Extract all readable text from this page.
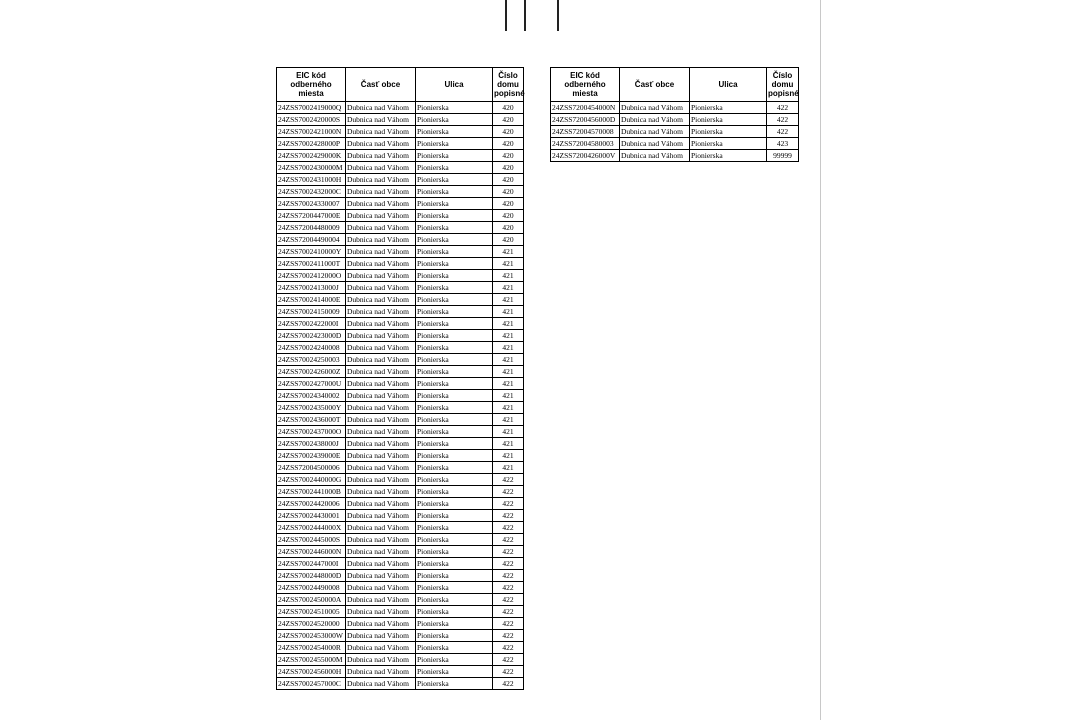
EIC kód odberného miesta	Časť obce	Ulica	Číslo domu popisné
24ZSS7002419000Q	Dubnica nad Váhom	Pionierska	420
24ZSS7002420000S	Dubnica nad Váhom	Pionierska	420
24ZSS7002421000N	Dubnica nad Váhom	Pionierska	420
24ZSS7002428000P	Dubnica nad Váhom	Pionierska	420
24ZSS7002429000K	Dubnica nad Váhom	Pionierska	420
24ZSS7002430000M	Dubnica nad Váhom	Pionierska	420
24ZSS7002431000H	Dubnica nad Váhom	Pionierska	420
24ZSS7002432000C	Dubnica nad Váhom	Pionierska	420
24ZSS70024330007	Dubnica nad Váhom	Pionierska	420
24ZSS7200447000E	Dubnica nad Váhom	Pionierska	420
24ZSS72004480009	Dubnica nad Váhom	Pionierska	420
24ZSS72004490004	Dubnica nad Váhom	Pionierska	420
24ZSS7002410000Y	Dubnica nad Váhom	Pionierska	421
24ZSS7002411000T	Dubnica nad Váhom	Pionierska	421
24ZSS7002412000O	Dubnica nad Váhom	Pionierska	421
24ZSS7002413000J	Dubnica nad Váhom	Pionierska	421
24ZSS7002414000E	Dubnica nad Váhom	Pionierska	421
24ZSS70024150009	Dubnica nad Váhom	Pionierska	421
24ZSS7002422000I	Dubnica nad Váhom	Pionierska	421
24ZSS7002423000D	Dubnica nad Váhom	Pionierska	421
24ZSS70024240008	Dubnica nad Váhom	Pionierska	421
24ZSS70024250003	Dubnica nad Váhom	Pionierska	421
24ZSS7002426000Z	Dubnica nad Váhom	Pionierska	421
24ZSS7002427000U	Dubnica nad Váhom	Pionierska	421
24ZSS70024340002	Dubnica nad Váhom	Pionierska	421
24ZSS7002435000Y	Dubnica nad Váhom	Pionierska	421
24ZSS7002436000T	Dubnica nad Váhom	Pionierska	421
24ZSS7002437000O	Dubnica nad Váhom	Pionierska	421
24ZSS7002438000J	Dubnica nad Váhom	Pionierska	421
24ZSS7002439000E	Dubnica nad Váhom	Pionierska	421
24ZSS72004500006	Dubnica nad Váhom	Pionierska	421
24ZSS7002440000G	Dubnica nad Váhom	Pionierska	422
24ZSS7002441000B	Dubnica nad Váhom	Pionierska	422
24ZSS70024420006	Dubnica nad Váhom	Pionierska	422
24ZSS70024430001	Dubnica nad Váhom	Pionierska	422
24ZSS7002444000X	Dubnica nad Váhom	Pionierska	422
24ZSS7002445000S	Dubnica nad Váhom	Pionierska	422
24ZSS7002446000N	Dubnica nad Váhom	Pionierska	422
24ZSS7002447000I	Dubnica nad Váhom	Pionierska	422
24ZSS7002448000D	Dubnica nad Váhom	Pionierska	422
24ZSS70024490008	Dubnica nad Váhom	Pionierska	422
24ZSS7002450000A	Dubnica nad Váhom	Pionierska	422
24ZSS70024510005	Dubnica nad Váhom	Pionierska	422
24ZSS70024520000	Dubnica nad Váhom	Pionierska	422
24ZSS7002453000W	Dubnica nad Váhom	Pionierska	422
24ZSS7002454000R	Dubnica nad Váhom	Pionierska	422
24ZSS7002455000M	Dubnica nad Váhom	Pionierska	422
24ZSS7002456000H	Dubnica nad Váhom	Pionierska	422
24ZSS7002457000C	Dubnica nad Váhom	Pionierska	422
EIC kód odberného miesta	Časť obce	Ulica	Číslo domu popisné
24ZSS7200454000N	Dubnica nad Váhom	Pionierska	422
24ZSS7200456000D	Dubnica nad Váhom	Pionierska	422
24ZSS72004570008	Dubnica nad Váhom	Pionierska	422
24ZSS72004580003	Dubnica nad Váhom	Pionierska	423
24ZSS7200426000V	Dubnica nad Váhom	Pionierska	99999
